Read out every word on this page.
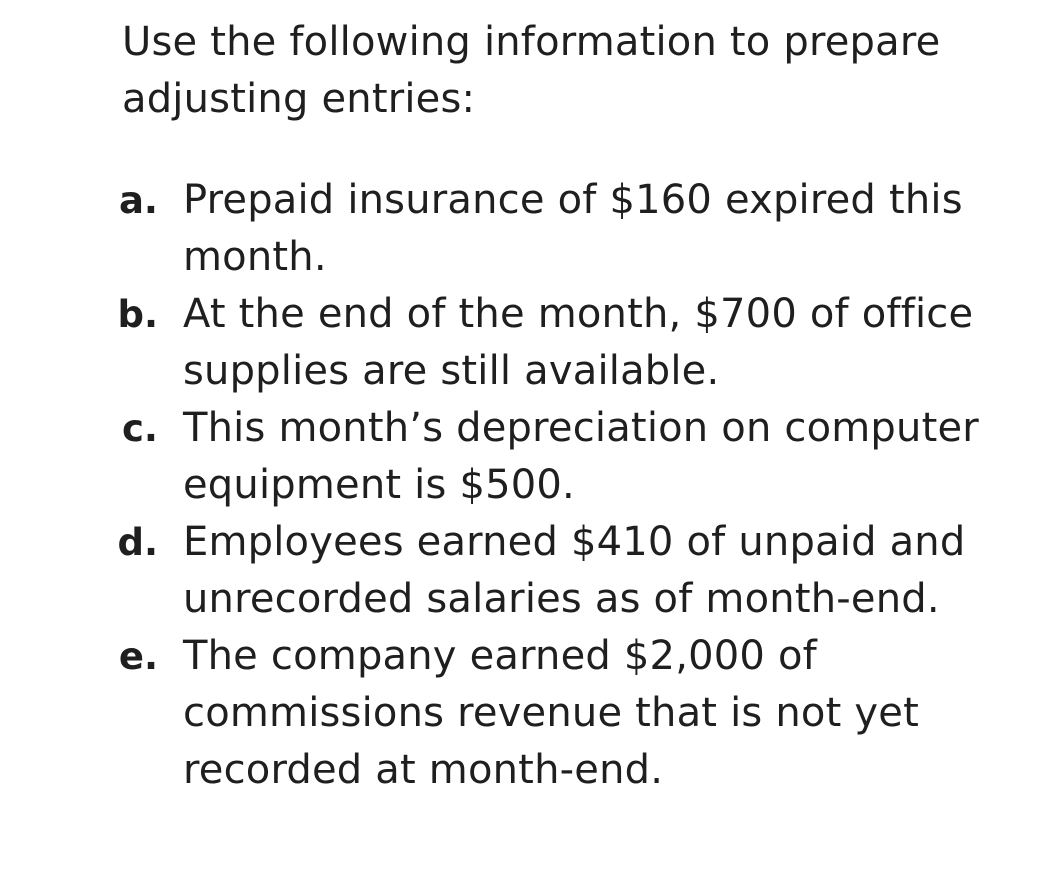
Use the following information to prepare adjusting entries:

a. Prepaid insurance of $160 expired this month.
b. At the end of the month, $700 of office supplies are still available.
c. This month’s depreciation on computer equipment is $500.
d. Employees earned $410 of unpaid and unrecorded salaries as of month-end.
e. The company earned $2,000 of commissions revenue that is not yet recorded at month-end.
